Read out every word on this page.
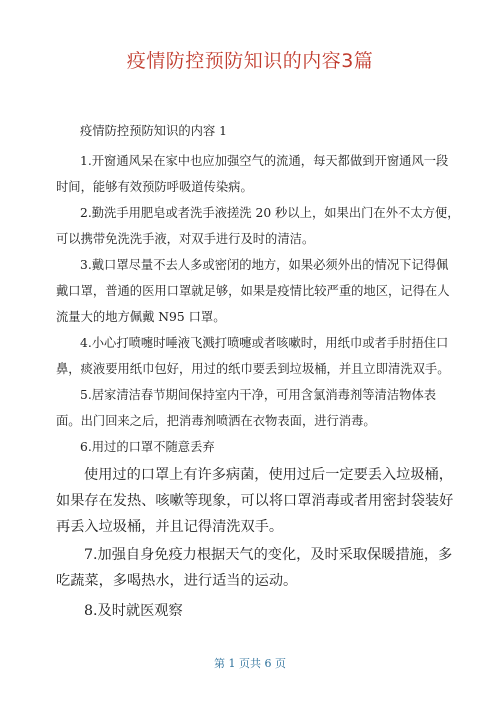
疫情防控预防知识的内容3篇

疫情防控预防知识的内容 1

1.开窗通风呆在家中也应加强空气的流通，每天都做到开窗通风一段时间，能够有效预防呼吸道传染病。

2.勤洗手用肥皂或者洗手液搓洗 20 秒以上，如果出门在外不太方便，可以携带免洗洗手液，对双手进行及时的清洁。

3.戴口罩尽量不去人多或密闭的地方，如果必须外出的情况下记得佩戴口罩，普通的医用口罩就足够，如果是疫情比较严重的地区，记得在人流量大的地方佩戴 N95 口罩。

4.小心打喷嚏时唾液飞溅打喷嚏或者咳嗽时，用纸巾或者手肘捂住口鼻，痰液要用纸巾包好，用过的纸巾要丢到垃圾桶，并且立即清洗双手。

5.居家清洁春节期间保持室内干净，可用含氯消毒剂等清洁物体表面。出门回来之后，把消毒剂喷洒在衣物表面，进行消毒。

6.用过的口罩不随意丢弃

使用过的口罩上有许多病菌，使用过后一定要丢入垃圾桶，如果存在发热、咳嗽等现象，可以将口罩消毒或者用密封袋装好再丢入垃圾桶，并且记得清洗双手。

7.加强自身免疫力根据天气的变化，及时采取保暖措施，多吃蔬菜，多喝热水，进行适当的运动。

8.及时就医观察

第 1 页共 6 页
